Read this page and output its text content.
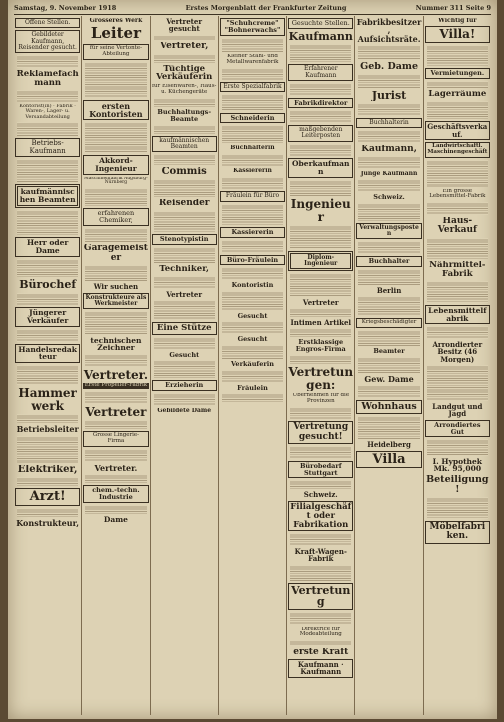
Samstag, 9. November 1918	Erstes Morgenblatt der Frankfurter Zeitung	Nummer 311 Seite 9
Offene Stellen.
Gebildeter Kaufmann, Reisender gesucht.
Reklamefachmann
Kontorist(in) · Fabrik · Waren-, Lager- u. Versandabteilung
Betriebs-Kaufmann
kaufmännischen Beamten
Herr oder Dame
Bürochef
Jüngerer Verkäufer
Handelsredakteur
Hammerwerk
Betriebsleiter
Elektriker,
Arzt!
Konstrukteur,
Grösseres Werk
Leiter
für seine Vertonte-Abteilung
ersten Kontoristen
Akkord-Ingenieur
Maschinenfabrik Augsburg-Nürnberg
erfahrenen Chemiker,
Garagemeister
Wir suchen
Konstrukteure als Werkmeister
technischen Zeichner
Vertreter.
Erste Propeller-Fabrik
Vertreter
Grosse Lingerie-Firma
Vertreter.
chem.-techn. Industrie
Dame
Vertreter gesucht
Vertreter,
Tüchtige Verkäuferin
für Eisenwaren-, Haus- u. Küchengeräte
Buchhaltungs-Beamte
kaufmännischen Beamten
Commis
Reisender
Stenotypistin
Techniker,
Vertreter
Eine Stütze
Gesucht
Erzieherin
Gebildete Dame
"Schuhcreme" "Bohnerwachs"
Kleiner Stahl- und Metallwarenfabrik
Erste Spezialfabrik
Schneiderin
Buchhalterin
Kassiererin
Fräulein für Büro
Kassiererin
Büro-Fräulein
Kontoristin
Gesucht
Gesucht
Verkäuferin
Fräulein
Gesuchte Stellen.
Kaufmann
Erfahrener Kaufmann
Fabrikdirektor
maßgebenden Leiterposten
Oberkaufmann
Ingenieur
Diplom-Ingenieur
Vertreter
Intimen Artikel
Erstklassige Engros-Firma
Vertretungen:
Übernehmen für die Provinzen
Vertretung gesucht!
Bürobedarf Stuttgart
Schweiz.
Filialgeschäft oder Fabrikation
Kraft-Wagen-Fabrik
Vertretung
Direktrice für Modeabteilung
erste Kraft
Kaufmann · Kaufmann
Fabrikbesitzer, Aufsichtsräte.
Geb. Dame
Jurist
Buchhalterin
Kaufmann,
Junge Kaufmann
Schweiz.
Verwaltungsposten
Buchhalter
Berlin
Kriegsbeschädigter
Beamter
Gew. Dame
Wohnhaus
Heidelberg
Villa
Wichtig für
Villa!
Vermietungen.
Lagerräume
Geschäftsverkauf.
Landwirtschaftl. Maschinengeschäft
Ein grosse Lebensmittel-Fabrik
Haus-Verkauf
Nährmittel-Fabrik
Lebensmittelfabrik
Arrondierter Besitz (46 Morgen)
Landgut und Jagd
Arrondiertes Gut
I. Hypothek Mk. 95,000
Beteiligung!
Möbelfabriken.
